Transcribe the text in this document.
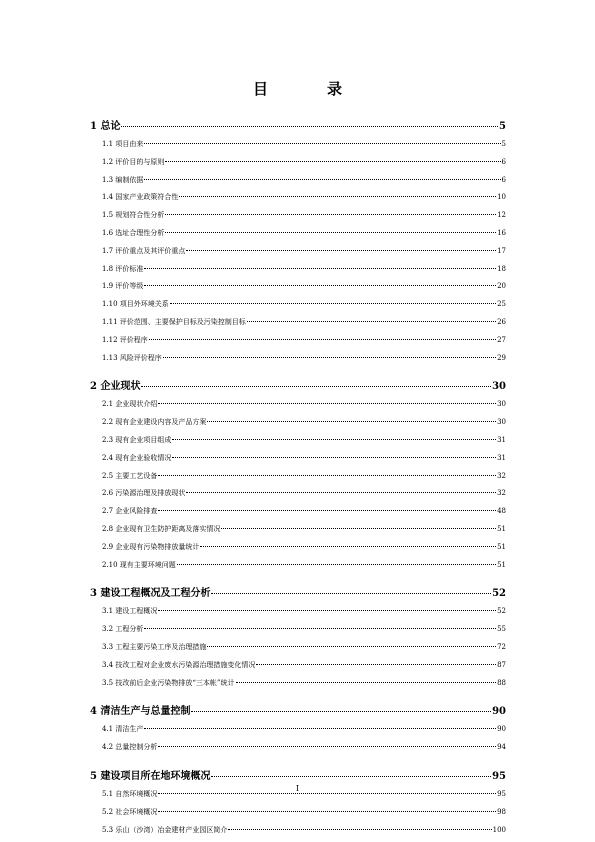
目　录
1 总论	5
1.1 项目由来	5
1.2 评价目的与原则	6
1.3 编制依据	6
1.4 国家产业政策符合性	10
1.5 规划符合性分析	12
1.6 选址合理性分析	16
1.7 评价重点及其评价重点	17
1.8 评价标准	18
1.9 评价等级	20
1.10 项目外环境关系	25
1.11 评价范围、主要保护目标及污染控制目标	26
1.12 评价程序	27
1.13 风险评价程序	29
2 企业现状	30
2.1 企业现状介绍	30
2.2 现有企业建设内容及产品方案	30
2.3 现有企业项目组成	31
2.4 现有企业验收情况	31
2.5 主要工艺设备	32
2.6 污染源治理及排放现状	32
2.7 企业风险排查	48
2.8 企业现有卫生防护距离及落实情况	51
2.9 企业现有污染物排放量统计	51
2.10 现有主要环境问题	51
3 建设工程概况及工程分析	52
3.1 建设工程概况	52
3.2 工程分析	55
3.3 工程主要污染工序及治理措施	72
3.4 技改工程对企业废水污染源治理措施变化情况	87
3.5 技改前后企业污染物排放“三本帐”统计	88
4 清洁生产与总量控制	90
4.1 清洁生产	90
4.2 总量控制分析	94
5 建设项目所在地环境概况	95
5.1 自然环境概况	95
5.2 社会环境概况	98
5.3 乐山（沙湾）冶金建材产业园区简介	100
I
